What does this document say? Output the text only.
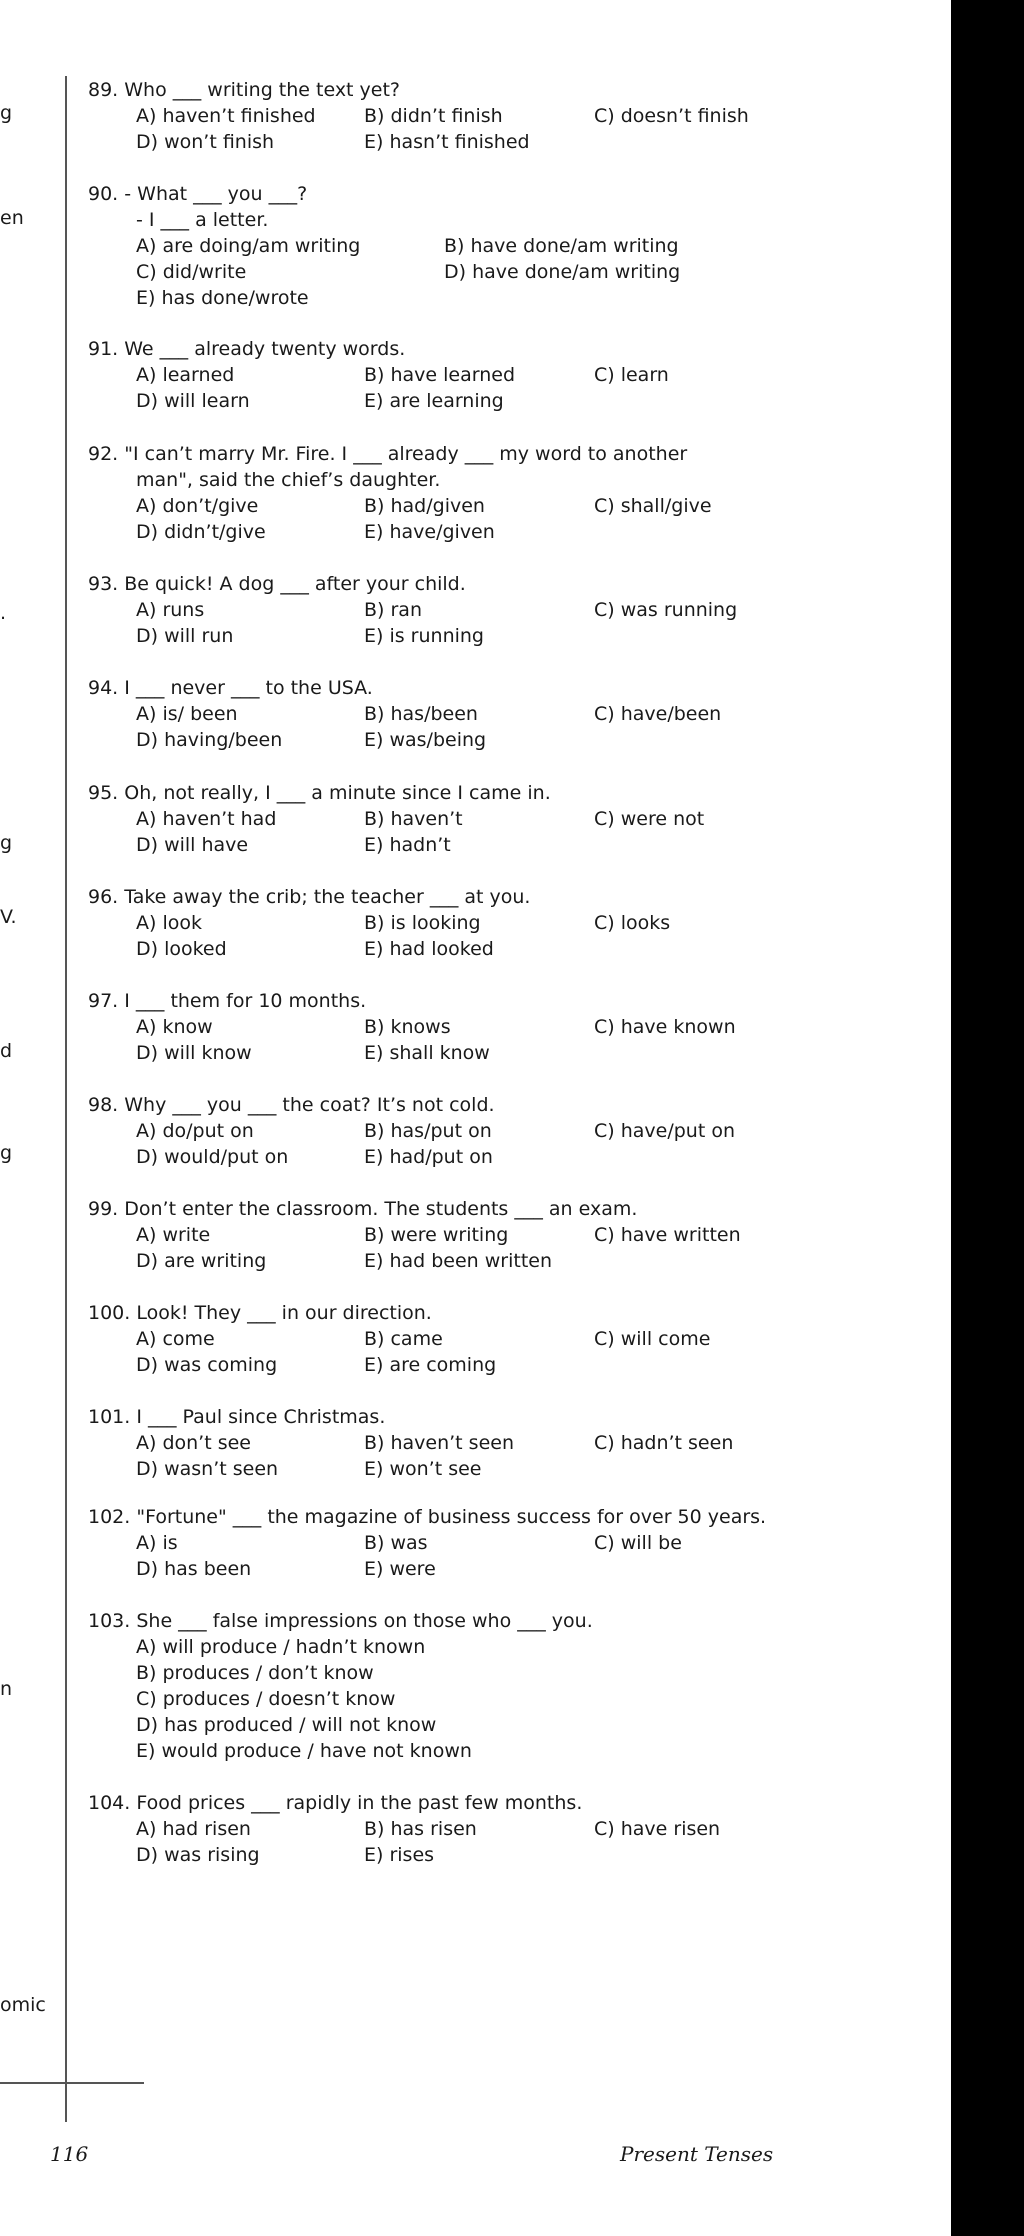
g
en
.
g
V.
d
g
n
omic
89. Who ___ writing the text yet?
A) haven’t finished	B) didn’t finish	C) doesn’t finish
D) won’t finish	E) hasn’t finished
90. - What ___ you ___?
- I ___ a letter.
A) are doing/am writing	B) have done/am writing
C) did/write	D) have done/am writing
E) has done/wrote
91. We ___ already twenty words.
A) learned	B) have learned	C) learn
D) will learn	E) are learning
92. "I can’t marry Mr. Fire. I ___ already ___ my word to another
man", said the chief’s daughter.
A) don’t/give	B) had/given	C) shall/give
D) didn’t/give	E) have/given
93. Be quick! A dog ___ after your child.
A) runs	B) ran	C) was running
D) will run	E) is running
94. I ___ never ___ to the USA.
A) is/ been	B) has/been	C) have/been
D) having/been	E) was/being
95. Oh, not really, I ___ a minute since I came in.
A) haven’t had	B) haven’t	C) were not
D) will have	E) hadn’t
96. Take away the crib; the teacher ___ at you.
A) look	B) is looking	C) looks
D) looked	E) had looked
97. I ___ them for 10 months.
A) know	B) knows	C) have known
D) will know	E) shall know
98. Why ___ you ___ the coat? It’s not cold.
A) do/put on	B) has/put on	C) have/put on
D) would/put on	E) had/put on
99. Don’t enter the classroom. The students ___ an exam.
A) write	B) were writing	C) have written
D) are writing	E) had been written
100. Look! They ___ in our direction.
A) come	B) came	C) will come
D) was coming	E) are coming
101. I ___ Paul since Christmas.
A) don’t see	B) haven’t seen	C) hadn’t seen
D) wasn’t seen	E) won’t see
102. "Fortune" ___ the magazine of business success for over 50 years.
A) is	B) was	C) will be
D) has been	E) were
103. She ___ false impressions on those who ___ you.
A) will produce / hadn’t known
B) produces / don’t know
C) produces / doesn’t know
D) has produced / will not know
E) would produce / have not known
104. Food prices ___ rapidly in the past few months.
A) had risen	B) has risen	C) have risen
D) was rising	E) rises
116	Present Tenses
